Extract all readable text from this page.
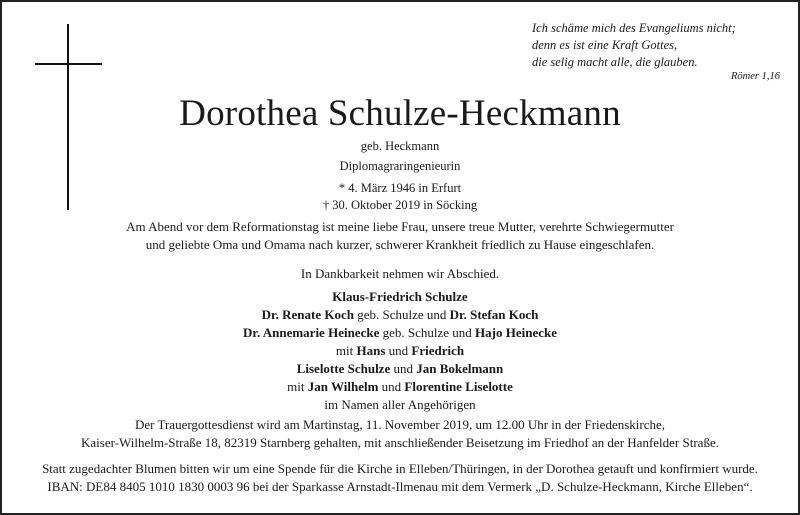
Ich schäme mich des Evangeliums nicht;
denn es ist eine Kraft Gottes,
die selig macht alle, die glauben.
Römer 1,16
Dorothea Schulze-Heckmann
geb. Heckmann
Diplomagraringenieurin
* 4. März 1946 in Erfurt
† 30. Oktober 2019 in Söcking
Am Abend vor dem Reformationstag ist meine liebe Frau, unsere treue Mutter, verehrte Schwiegermutter
und geliebte Oma und Omama nach kurzer, schwerer Krankheit friedlich zu Hause eingeschlafen.
In Dankbarkeit nehmen wir Abschied.
Klaus-Friedrich Schulze
Dr. Renate Koch geb. Schulze und Dr. Stefan Koch
Dr. Annemarie Heinecke geb. Schulze und Hajo Heinecke
mit Hans und Friedrich
Liselotte Schulze und Jan Bokelmann
mit Jan Wilhelm und Florentine Liselotte
im Namen aller Angehörigen
Der Trauergottesdienst wird am Martinstag, 11. November 2019, um 12.00 Uhr in der Friedenskirche,
Kaiser-Wilhelm-Straße 18, 82319 Starnberg gehalten, mit anschließender Beisetzung im Friedhof an der Hanfelder Straße.
Statt zugedachter Blumen bitten wir um eine Spende für die Kirche in Elleben/Thüringen, in der Dorothea getauft und konfirmiert wurde.
IBAN: DE84 8405 1010 1830 0003 96 bei der Sparkasse Arnstadt-Ilmenau mit dem Vermerk „D. Schulze-Heckmann, Kirche Elleben“.
